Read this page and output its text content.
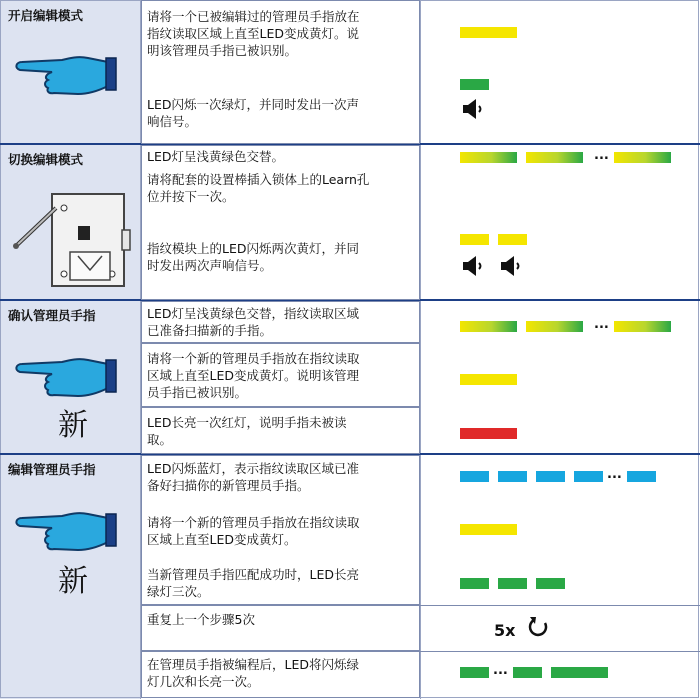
开启编辑模式
切换编辑模式
确认管理员手指
编辑管理员手指
新
新
请将一个已被编辑过的管理员手指放在
指纹读取区域上直至LED变成黄灯。说
明该管理员手指已被识别。
LED闪烁一次绿灯，并同时发出一次声
响信号。
LED灯呈浅黄绿色交替。
请将配套的设置棒插入锁体上的Learn孔
位并按下一次。
指纹模块上的LED闪烁两次黄灯，并同
时发出两次声响信号。
LED灯呈浅黄绿色交替，指纹读取区域
已准备扫描新的手指。
请将一个新的管理员手指放在指纹读取
区域上直至LED变成黄灯。说明该管理
员手指已被识别。
LED长亮一次红灯，说明手指未被读
取。
LED闪烁蓝灯，表示指纹读取区域已准
备好扫描你的新管理员手指。
请将一个新的管理员手指放在指纹读取
区域上直至LED变成黄灯。
当新管理员手指匹配成功时，LED长亮
绿灯三次。
重复上一个步骤5次
在管理员手指被编程后，LED将闪烁绿
灯几次和长亮一次。
...
...
...
5x
...
